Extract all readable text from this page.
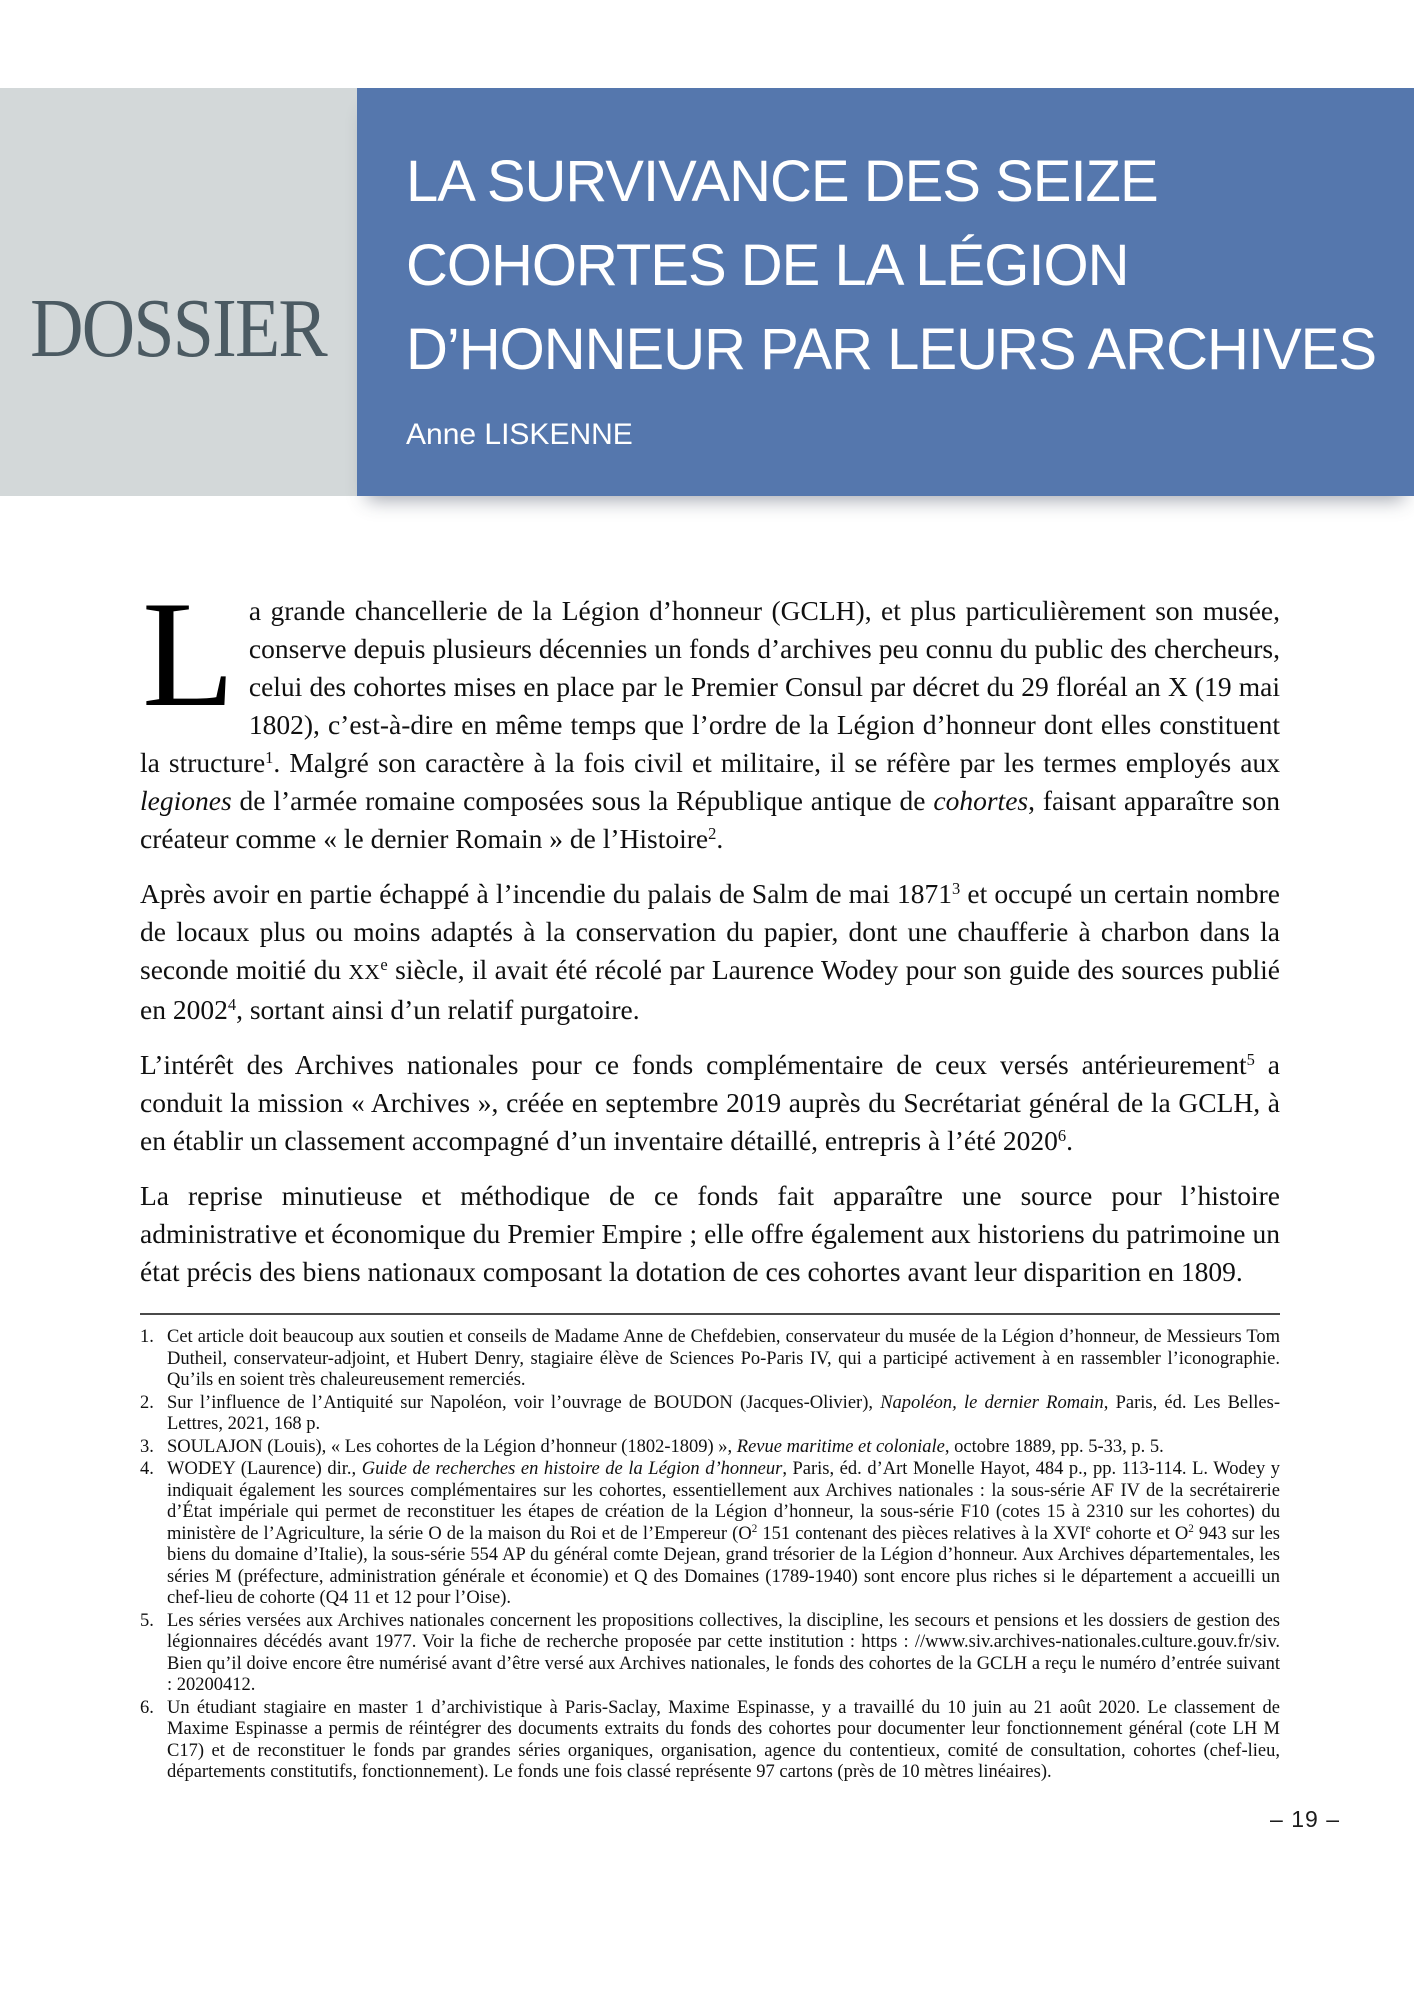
DOSSIER
LA SURVIVANCE DES SEIZE
COHORTES DE LA LÉGION
D’HONNEUR PAR LEURS ARCHIVES
Anne LISKENNE

La grande chancellerie de la Légion d’honneur (GCLH), et plus particulièrement son musée, conserve depuis plusieurs décennies un fonds d’archives peu connu du public des chercheurs, celui des cohortes mises en place par le Premier Consul par décret du 29 floréal an X (19 mai 1802), c’est-à-dire en même temps que l’ordre de la Légion d’honneur dont elles constituent la structure$^1$. Malgré son caractère à la fois civil et militaire, il se réfère par les termes employés aux legiones de l’armée romaine composées sous la République antique de cohortes, faisant apparaître son créateur comme « le dernier Romain » de l’Histoire$^2$.

Après avoir en partie échappé à l’incendie du palais de Salm de mai 1871$^3$ et occupé un certain nombre de locaux plus ou moins adaptés à la conservation du papier, dont une chaufferie à charbon dans la seconde moitié du XXe siècle, il avait été récolé par Laurence Wodey pour son guide des sources publié en 2002$^4$, sortant ainsi d’un relatif purgatoire.

L’intérêt des Archives nationales pour ce fonds complémentaire de ceux versés antérieurement$^5$ a conduit la mission « Archives », créée en septembre 2019 auprès du Secrétariat général de la GCLH, à en établir un classement accompagné d’un inventaire détaillé, entrepris à l’été 2020$^6$.

La reprise minutieuse et méthodique de ce fonds fait apparaître une source pour l’histoire administrative et économique du Premier Empire ; elle offre également aux historiens du patrimoine un état précis des biens nationaux composant la dotation de ces cohortes avant leur disparition en 1809.

1. Cet article doit beaucoup aux soutien et conseils de Madame Anne de Chefdebien, conservateur du musée de la Légion d’honneur, de Messieurs Tom Dutheil, conservateur-adjoint, et Hubert Denry, stagiaire élève de Sciences Po-Paris IV, qui a participé activement à en rassembler l’iconographie. Qu’ils en soient très chaleureusement remerciés.
2. Sur l’influence de l’Antiquité sur Napoléon, voir l’ouvrage de BOUDON (Jacques-Olivier), Napoléon, le dernier Romain, Paris, éd. Les Belles-Lettres, 2021, 168 p.
3. SOULAJON (Louis), « Les cohortes de la Légion d’honneur (1802-1809) », Revue maritime et coloniale, octobre 1889, pp. 5-33, p. 5.
4. WODEY (Laurence) dir., Guide de recherches en histoire de la Légion d’honneur, Paris, éd. d’Art Monelle Hayot, 484 p., pp. 113-114. L. Wodey y indiquait également les sources complémentaires sur les cohortes, essentiellement aux Archives nationales : la sous-série AF IV de la secrétairerie d’État impériale qui permet de reconstituer les étapes de création de la Légion d’honneur, la sous-série F10 (cotes 15 à 2310 sur les cohortes) du ministère de l’Agriculture, la série O de la maison du Roi et de l’Empereur ($O^2$ 151 contenant des pièces relatives à la XVIe cohorte et $O^2$ 943 sur les biens du domaine d’Italie), la sous-série 554 AP du général comte Dejean, grand trésorier de la Légion d’honneur. Aux Archives départementales, les séries M (préfecture, administration générale et économie) et Q des Domaines (1789-1940) sont encore plus riches si le département a accueilli un chef-lieu de cohorte (Q4 11 et 12 pour l’Oise).
5. Les séries versées aux Archives nationales concernent les propositions collectives, la discipline, les secours et pensions et les dossiers de gestion des légionnaires décédés avant 1977. Voir la fiche de recherche proposée par cette institution : https : //www.siv.archives-nationales.culture.gouv.fr/siv. Bien qu’il doive encore être numérisé avant d’être versé aux Archives nationales, le fonds des cohortes de la GCLH a reçu le numéro d’entrée suivant : 20200412.
6. Un étudiant stagiaire en master 1 d’archivistique à Paris-Saclay, Maxime Espinasse, y a travaillé du 10 juin au 21 août 2020. Le classement de Maxime Espinasse a permis de réintégrer des documents extraits du fonds des cohortes pour documenter leur fonctionnement général (cote LH M C17) et de reconstituer le fonds par grandes séries organiques, organisation, agence du contentieux, comité de consultation, cohortes (chef-lieu, départements constitutifs, fonctionnement). Le fonds une fois classé représente 97 cartons (près de 10 mètres linéaires).
– 19 –
